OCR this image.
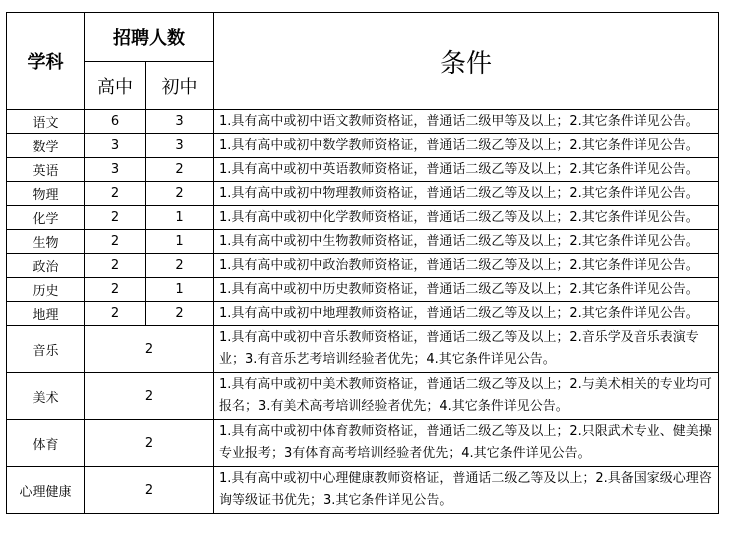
学科	招聘人数		条件
	高中	初中	
语文	6	3	1.具有高中或初中语文教师资格证，普通话二级甲等及以上；2.其它条件详见公告。
数学	3	3	1.具有高中或初中数学教师资格证，普通话二级乙等及以上；2.其它条件详见公告。
英语	3	2	1.具有高中或初中英语教师资格证，普通话二级乙等及以上；2.其它条件详见公告。
物理	2	2	1.具有高中或初中物理教师资格证，普通话二级乙等及以上；2.其它条件详见公告。
化学	2	1	1.具有高中或初中化学教师资格证，普通话二级乙等及以上；2.其它条件详见公告。
生物	2	1	1.具有高中或初中生物教师资格证，普通话二级乙等及以上；2.其它条件详见公告。
政治	2	2	1.具有高中或初中政治教师资格证，普通话二级乙等及以上；2.其它条件详见公告。
历史	2	1	1.具有高中或初中历史教师资格证，普通话二级乙等及以上；2.其它条件详见公告。
地理	2	2	1.具有高中或初中地理教师资格证，普通话二级乙等及以上；2.其它条件详见公告。
音乐	2		1.具有高中或初中音乐教师资格证，普通话二级乙等及以上；2.音乐学及音乐表演专业；3.有音乐艺考培训经验者优先；4.其它条件详见公告。
美术	2		1.具有高中或初中美术教师资格证，普通话二级乙等及以上；2.与美术相关的专业均可报名；3.有美术高考培训经验者优先；4.其它条件详见公告。
体育	2		1.具有高中或初中体育教师资格证，普通话二级乙等及以上；2.只限武术专业、健美操专业报考；3有体育高考培训经验者优先；4.其它条件详见公告。
心理健康	2		1.具有高中或初中心理健康教师资格证，普通话二级乙等及以上；2.具备国家级心理咨询等级证书优先；3.其它条件详见公告。
